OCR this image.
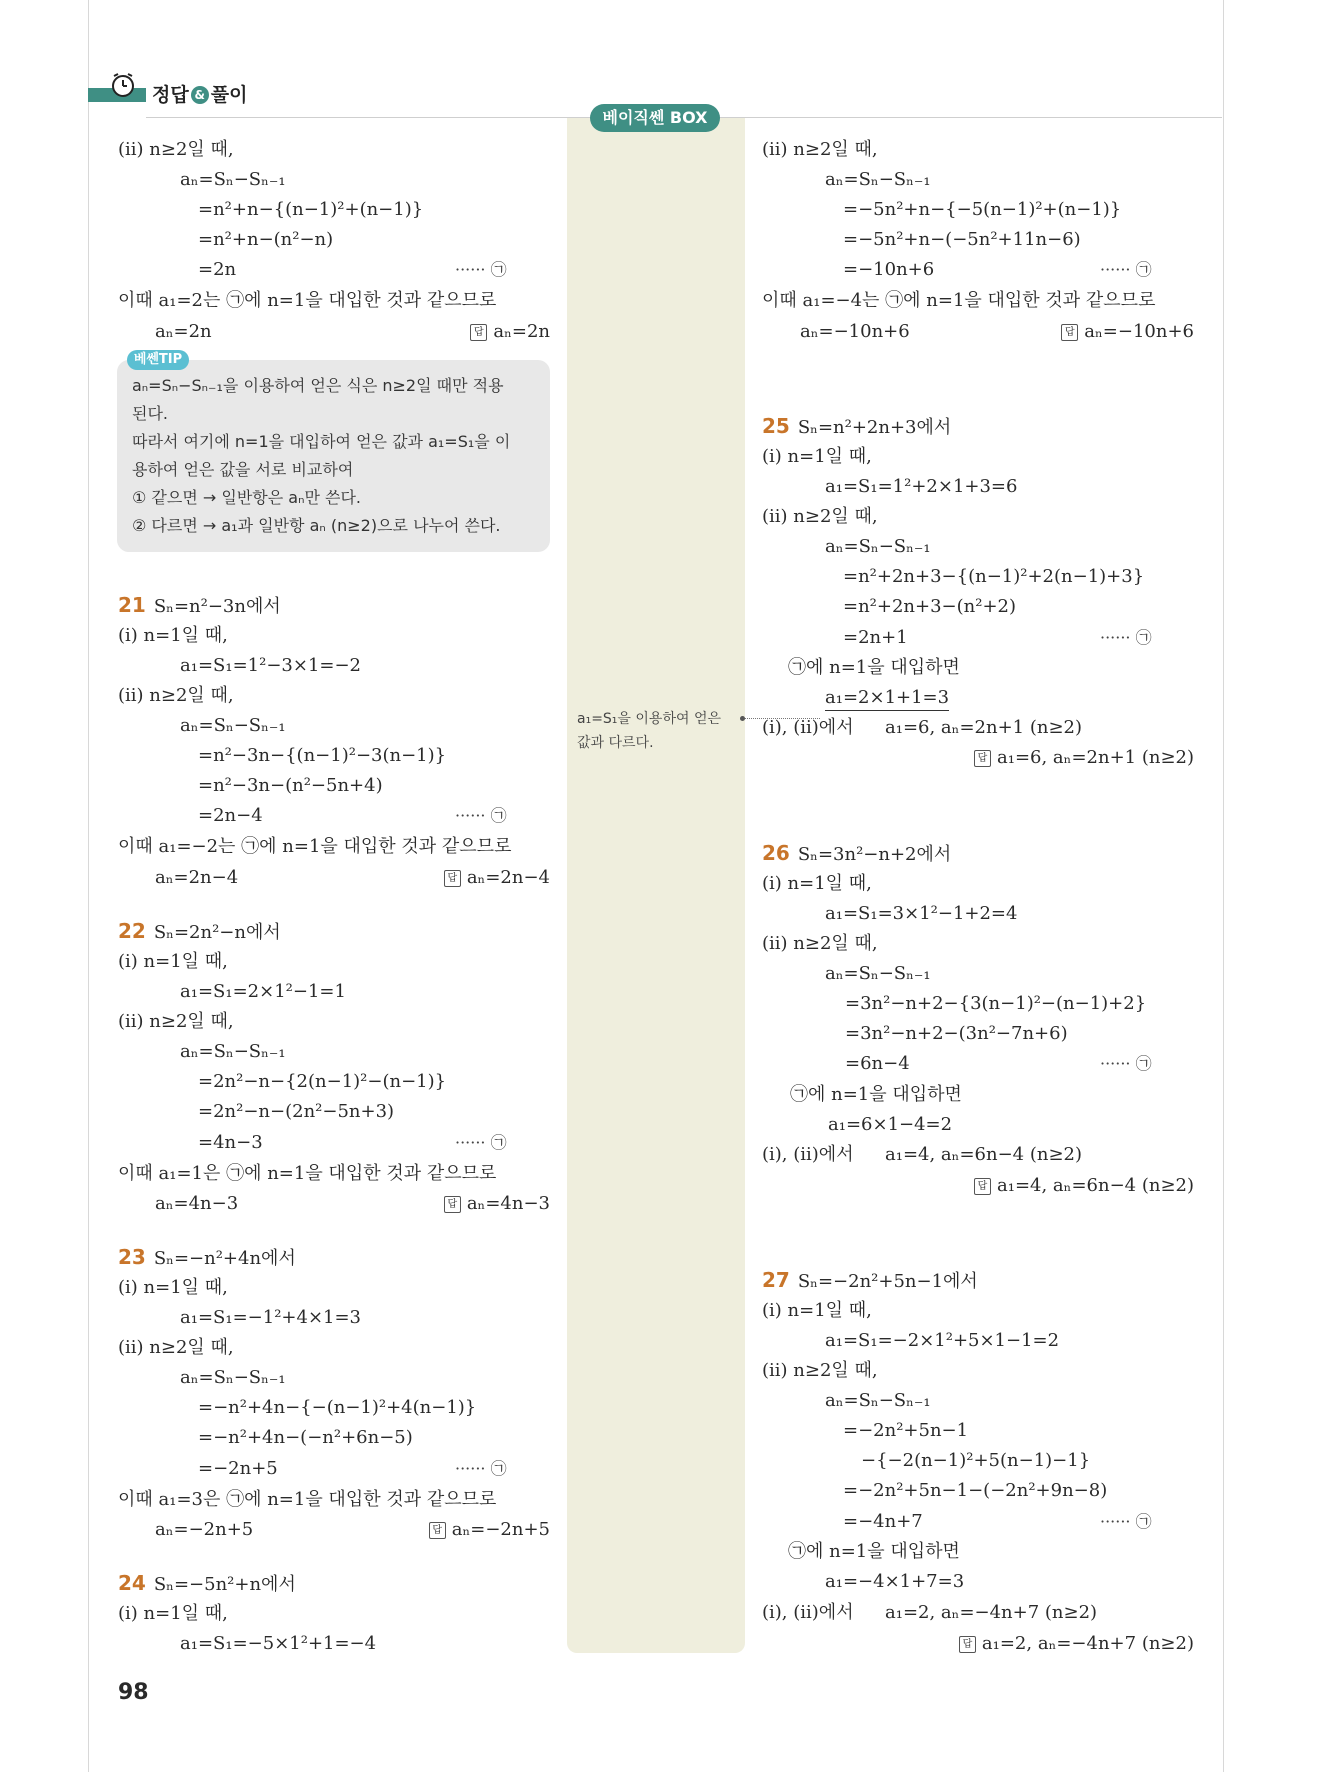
정답 & 풀이
베이직쎈 BOX
a₁=S₁을 이용하여 얻은
값과 다르다.
(ⅱ) n≥2일 때,
aₙ=Sₙ−Sₙ₋₁
=n²+n−{(n−1)²+(n−1)}
=n²+n−(n²−n)
=2n	······ ㉠
이때 a₁=2는 ㉠에 n=1을 대입한 것과 같으므로
aₙ=2n	답 aₙ=2n
베쎈TIP
aₙ=Sₙ−Sₙ₋₁을 이용하여 얻은 식은 n≥2일 때만 적용
된다.
따라서 여기에 n=1을 대입하여 얻은 값과 a₁=S₁을 이
용하여 얻은 값을 서로 비교하여
① 같으면 → 일반항은 aₙ만 쓴다.
② 다르면 → a₁과 일반항 aₙ (n≥2)으로 나누어 쓴다.
21 Sₙ=n²−3n에서
(ⅰ) n=1일 때,
a₁=S₁=1²−3×1=−2
(ⅱ) n≥2일 때,
aₙ=Sₙ−Sₙ₋₁
=n²−3n−{(n−1)²−3(n−1)}
=n²−3n−(n²−5n+4)
=2n−4	······ ㉠
이때 a₁=−2는 ㉠에 n=1을 대입한 것과 같으므로
aₙ=2n−4	답 aₙ=2n−4
22 Sₙ=2n²−n에서
(ⅰ) n=1일 때,
a₁=S₁=2×1²−1=1
(ⅱ) n≥2일 때,
aₙ=Sₙ−Sₙ₋₁
=2n²−n−{2(n−1)²−(n−1)}
=2n²−n−(2n²−5n+3)
=4n−3	······ ㉠
이때 a₁=1은 ㉠에 n=1을 대입한 것과 같으므로
aₙ=4n−3	답 aₙ=4n−3
23 Sₙ=−n²+4n에서
(ⅰ) n=1일 때,
a₁=S₁=−1²+4×1=3
(ⅱ) n≥2일 때,
aₙ=Sₙ−Sₙ₋₁
=−n²+4n−{−(n−1)²+4(n−1)}
=−n²+4n−(−n²+6n−5)
=−2n+5	······ ㉠
이때 a₁=3은 ㉠에 n=1을 대입한 것과 같으므로
aₙ=−2n+5	답 aₙ=−2n+5
24 Sₙ=−5n²+n에서
(ⅰ) n=1일 때,
a₁=S₁=−5×1²+1=−4
98
(ⅱ) n≥2일 때,
aₙ=Sₙ−Sₙ₋₁
=−5n²+n−{−5(n−1)²+(n−1)}
=−5n²+n−(−5n²+11n−6)
=−10n+6	······ ㉠
이때 a₁=−4는 ㉠에 n=1을 대입한 것과 같으므로
aₙ=−10n+6	답 aₙ=−10n+6
25 Sₙ=n²+2n+3에서
(ⅰ) n=1일 때,
a₁=S₁=1²+2×1+3=6
(ⅱ) n≥2일 때,
aₙ=Sₙ−Sₙ₋₁
=n²+2n+3−{(n−1)²+2(n−1)+3}
=n²+2n+3−(n²+2)
=2n+1	······ ㉠
㉠에 n=1을 대입하면
a₁=2×1+1=3
(ⅰ), (ⅱ)에서 a₁=6, aₙ=2n+1 (n≥2)
답 a₁=6, aₙ=2n+1 (n≥2)
26 Sₙ=3n²−n+2에서
(ⅰ) n=1일 때,
a₁=S₁=3×1²−1+2=4
(ⅱ) n≥2일 때,
aₙ=Sₙ−Sₙ₋₁
=3n²−n+2−{3(n−1)²−(n−1)+2}
=3n²−n+2−(3n²−7n+6)
=6n−4	······ ㉠
㉠에 n=1을 대입하면
a₁=6×1−4=2
(ⅰ), (ⅱ)에서 a₁=4, aₙ=6n−4 (n≥2)
답 a₁=4, aₙ=6n−4 (n≥2)
27 Sₙ=−2n²+5n−1에서
(ⅰ) n=1일 때,
a₁=S₁=−2×1²+5×1−1=2
(ⅱ) n≥2일 때,
aₙ=Sₙ−Sₙ₋₁
=−2n²+5n−1
−{−2(n−1)²+5(n−1)−1}
=−2n²+5n−1−(−2n²+9n−8)
=−4n+7	······ ㉠
㉠에 n=1을 대입하면
a₁=−4×1+7=3
(ⅰ), (ⅱ)에서 a₁=2, aₙ=−4n+7 (n≥2)
답 a₁=2, aₙ=−4n+7 (n≥2)
